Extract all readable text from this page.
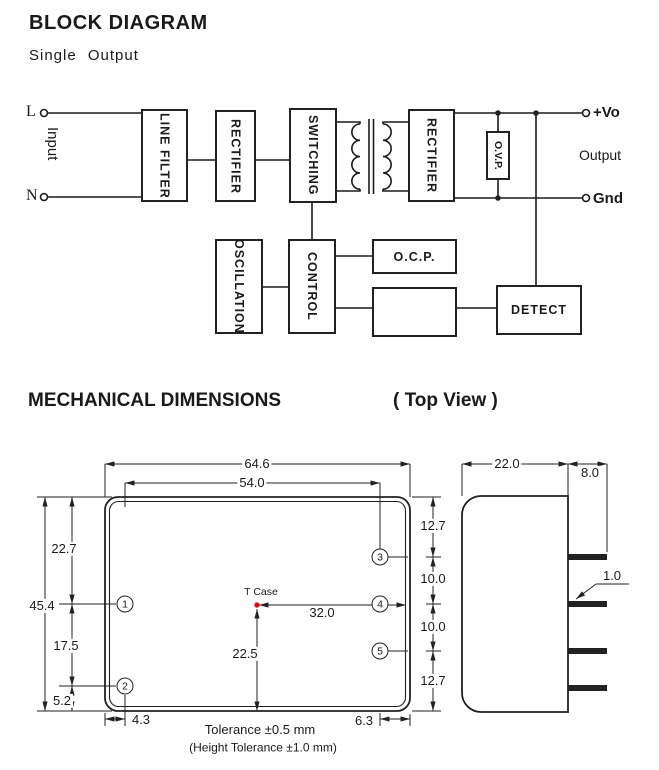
BLOCK DIAGRAM
Single Output
LINE FILTER	RECTIFIER	SWITCHING	RECTIFIER	O.V.P.
OSCILLATION	CONTROL	O.C.P.
DETECT
L
N
Input
+Vo
Output
Gnd
MECHANICAL DIMENSIONS	( Top View )
64.6
54.0
45.4
22.7
17.5
5.2
12.7
10.0
10.0
12.7
4.3	6.3
32.0
22.5
T Case
22.0
8.0
1.0
1
2
3
4
5
Tolerance ±0.5 mm
(Height Tolerance ±1.0 mm)
